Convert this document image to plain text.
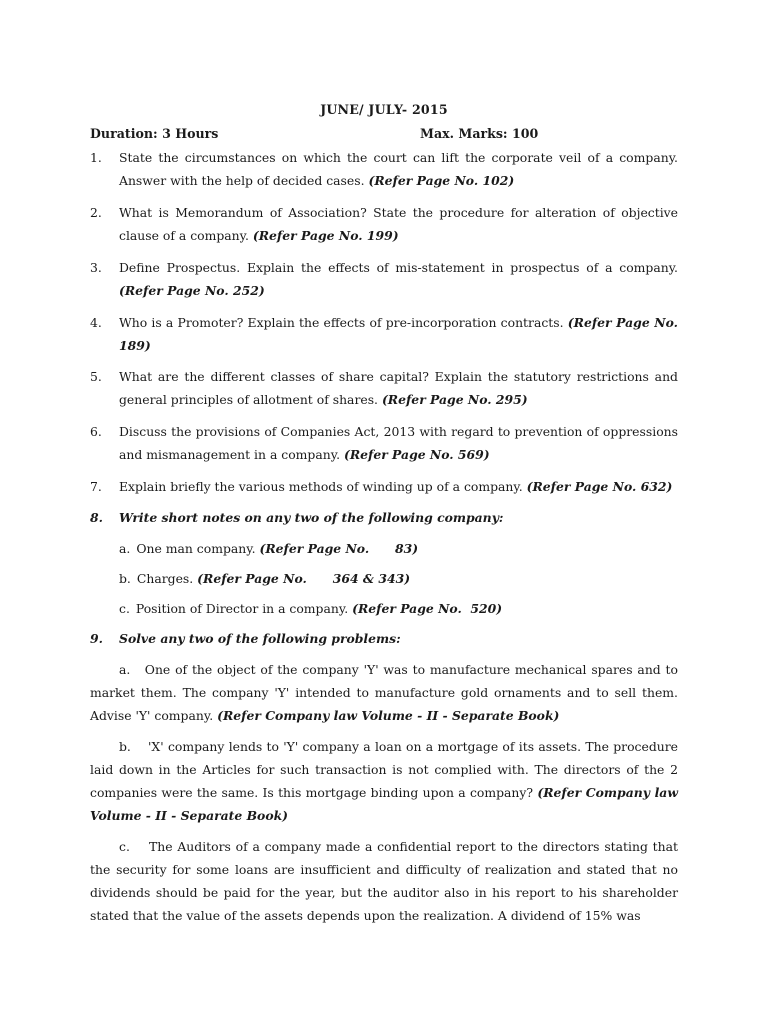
JUNE/ JULY- 2015
Duration: 3 Hours	Max. Marks: 100
1. State the circumstances on which the court can lift the corporate veil of a company. Answer with the help of decided cases. (Refer Page No. 102)
2. What is Memorandum of Association? State the procedure for alteration of objective clause of a company. (Refer Page No. 199)
3. Define Prospectus. Explain the effects of mis-statement in prospectus of a company. (Refer Page No. 252)
4. Who is a Promoter? Explain the effects of pre-incorporation contracts. (Refer Page No. 189)
5. What are the different classes of share capital? Explain the statutory restrictions and general principles of allotment of shares. (Refer Page No. 295)
6. Discuss the provisions of Companies Act, 2013 with regard to prevention of oppressions and mismanagement in a company. (Refer Page No. 569)
7. Explain briefly the various methods of winding up of a company. (Refer Page No. 632)
8. Write short notes on any two of the following company:
a. One man company. (Refer Page No.      83)
b. Charges. (Refer Page No.      364 & 343)
c. Position of Director in a company. (Refer Page No.  520)
9. Solve any two of the following problems:
a. One of the object of the company 'Y' was to manufacture mechanical spares and to market them. The company 'Y' intended to manufacture gold ornaments and to sell them. Advise 'Y' company. (Refer Company law Volume - II - Separate Book)
b. 'X' company lends to 'Y' company a loan on a mortgage of its assets. The procedure laid down in the Articles for such transaction is not complied with. The directors of the 2 companies were the same. Is this mortgage binding upon a company? (Refer Company law Volume - II - Separate Book)
c. The Auditors of a company made a confidential report to the directors stating that the security for some loans are insufficient and difficulty of realization and stated that no dividends should be paid for the year, but the auditor also in his report to his shareholder stated that the value of the assets depends upon the realization. A dividend of 15% was
